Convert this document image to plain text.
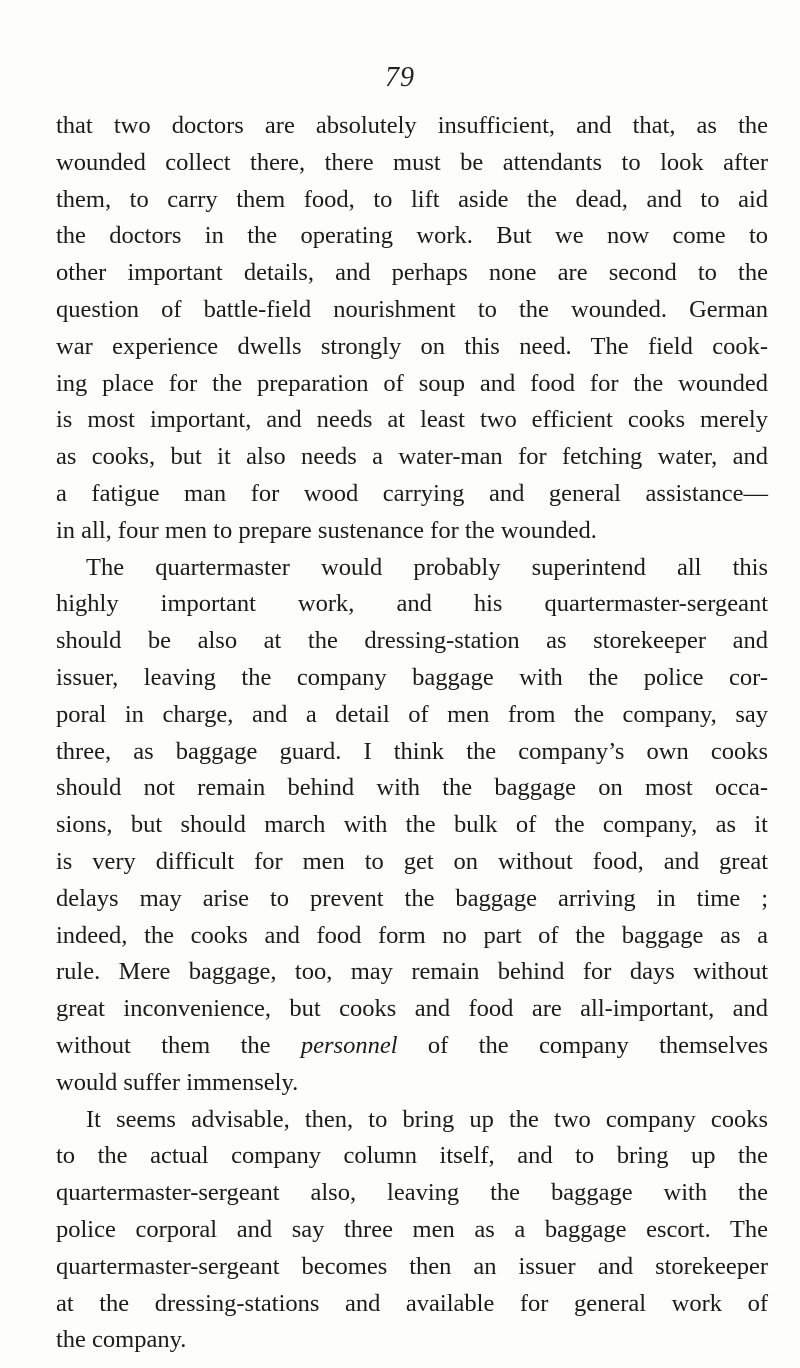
79
that two doctors are absolutely insufficient, and that, as the
wounded collect there, there must be attendants to look after
them, to carry them food, to lift aside the dead, and to aid
the doctors in the operating work. But we now come to
other important details, and perhaps none are second to the
question of battle-field nourishment to the wounded. German
war experience dwells strongly on this need. The field cook-
ing place for the preparation of soup and food for the wounded
is most important, and needs at least two efficient cooks merely
as cooks, but it also needs a water-man for fetching water, and
a fatigue man for wood carrying and general assistance—
in all, four men to prepare sustenance for the wounded.
The quartermaster would probably superintend all this
highly important work, and his quartermaster-sergeant
should be also at the dressing-station as storekeeper and
issuer, leaving the company baggage with the police cor-
poral in charge, and a detail of men from the company, say
three, as baggage guard. I think the company’s own cooks
should not remain behind with the baggage on most occa-
sions, but should march with the bulk of the company, as it
is very difficult for men to get on without food, and great
delays may arise to prevent the baggage arriving in time ;
indeed, the cooks and food form no part of the baggage as a
rule. Mere baggage, too, may remain behind for days without
great inconvenience, but cooks and food are all-important, and
without them the personnel of the company themselves
would suffer immensely.
It seems advisable, then, to bring up the two company cooks
to the actual company column itself, and to bring up the
quartermaster-sergeant also, leaving the baggage with the
police corporal and say three men as a baggage escort. The
quartermaster-sergeant becomes then an issuer and storekeeper
at the dressing-stations and available for general work of
the company.
